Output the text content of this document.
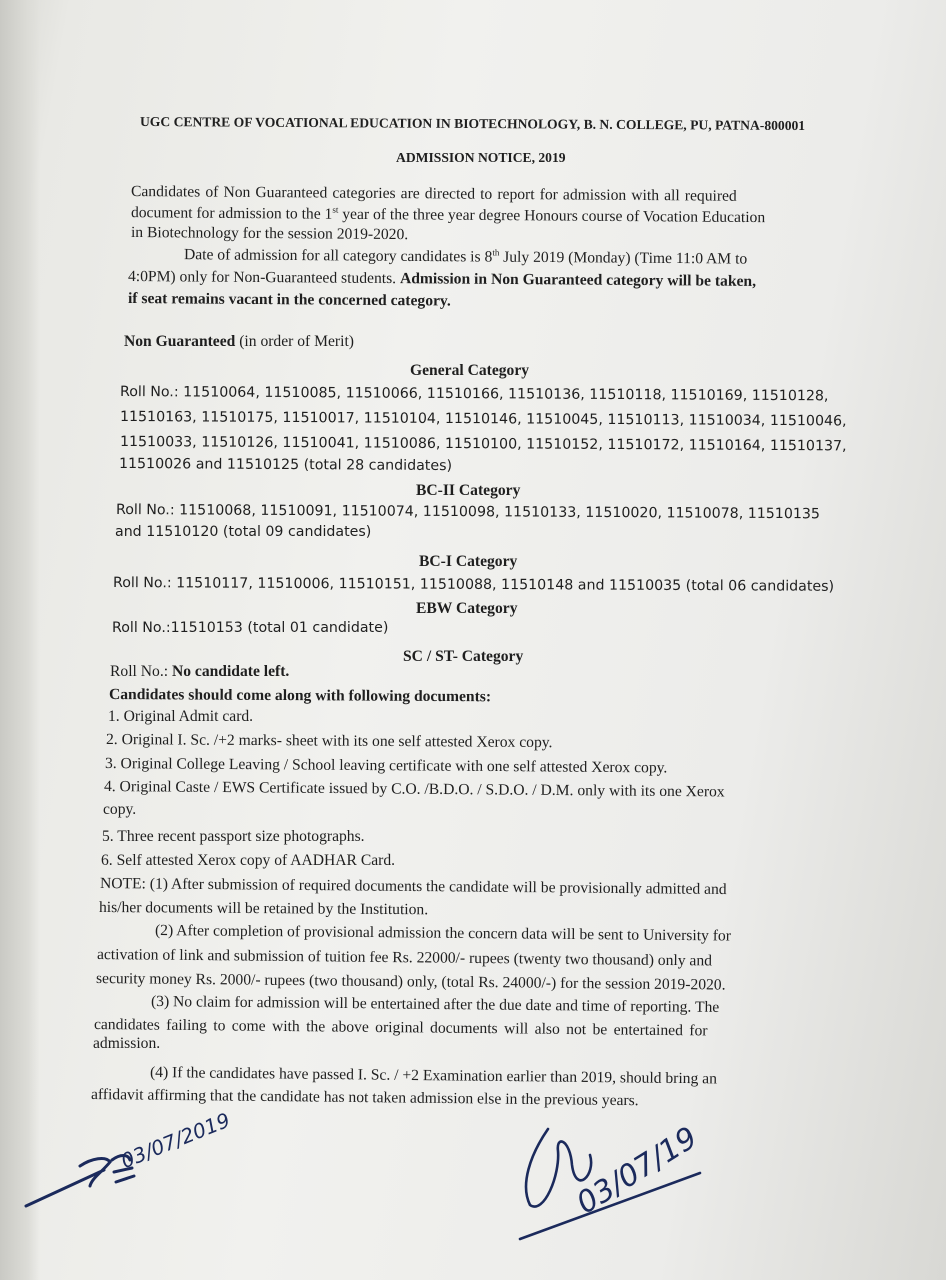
UGC CENTRE OF VOCATIONAL EDUCATION IN BIOTECHNOLOGY, B. N. COLLEGE, PU, PATNA-800001
ADMISSION NOTICE, 2019
Candidates of Non Guaranteed categories are directed to report for admission with all required
document for admission to the 1st year of the three year degree Honours course of Vocation Education
in Biotechnology for the session 2019-2020.
Date of admission for all category candidates is 8th July 2019 (Monday) (Time 11:0 AM to
4:0PM) only for Non-Guaranteed students. Admission in Non Guaranteed category will be taken,
if seat remains vacant in the concerned category.
Non Guaranteed (in order of Merit)
General Category
Roll No.: 11510064, 11510085, 11510066, 11510166, 11510136, 11510118, 11510169, 11510128,
11510163, 11510175, 11510017, 11510104, 11510146, 11510045, 11510113, 11510034, 11510046,
11510033, 11510126, 11510041, 11510086, 11510100, 11510152, 11510172, 11510164, 11510137,
11510026 and 11510125 (total 28 candidates)
BC-II Category
Roll No.: 11510068, 11510091, 11510074, 11510098, 11510133, 11510020, 11510078, 11510135
and 11510120 (total 09 candidates)
BC-I Category
Roll No.: 11510117, 11510006, 11510151, 11510088, 11510148 and 11510035 (total 06 candidates)
EBW Category
Roll No.:11510153 (total 01 candidate)
SC / ST- Category
Roll No.: No candidate left.
Candidates should come along with following documents:
1. Original Admit card.
2. Original I. Sc. /+2 marks- sheet with its one self attested Xerox copy.
3. Original College Leaving / School leaving certificate with one self attested Xerox copy.
4. Original Caste / EWS Certificate issued by C.O. /B.D.O. / S.D.O. / D.M. only with its one Xerox
copy.
5. Three recent passport size photographs.
6. Self attested Xerox copy of AADHAR Card.
NOTE: (1) After submission of required documents the candidate will be provisionally admitted and
his/her documents will be retained by the Institution.
(2) After completion of provisional admission the concern data will be sent to University for
activation of link and submission of tuition fee Rs. 22000/- rupees (twenty two thousand) only and
security money Rs. 2000/- rupees (two thousand) only, (total Rs. 24000/-) for the session 2019-2020.
(3) No claim for admission will be entertained after the due date and time of reporting. The
candidates failing to come with the above original documents will also not be entertained for
admission.
(4) If the candidates have passed I. Sc. / +2 Examination earlier than 2019, should bring an
affidavit affirming that the candidate has not taken admission else in the previous years.
03/07/2019	03/07/19
